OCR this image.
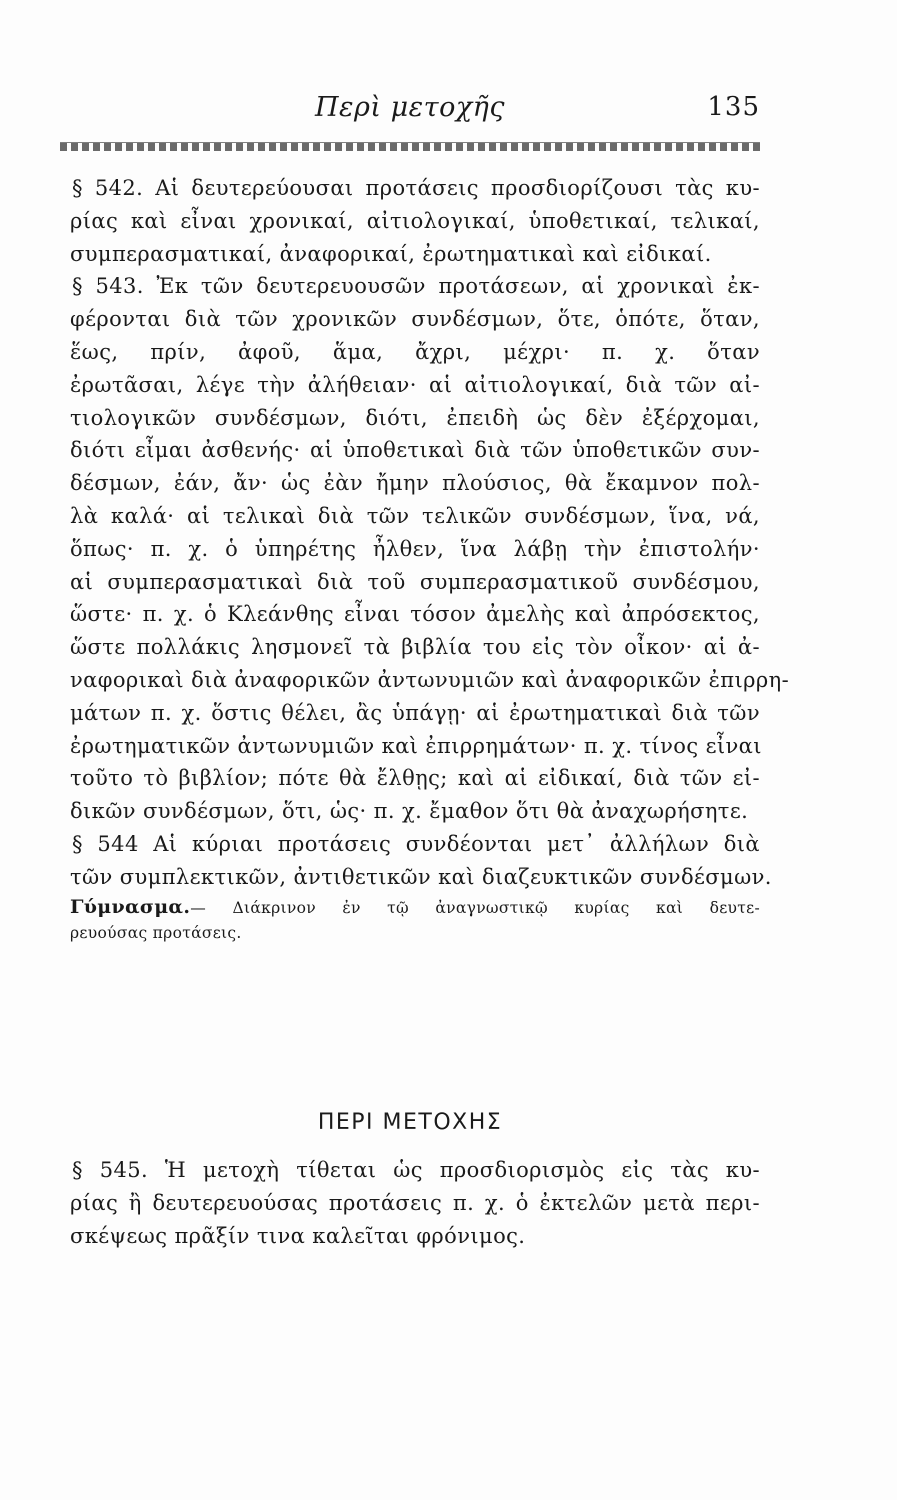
Περὶ μετοχῆς	135
§ 542. Αἱ δευτερεύουσαι προτάσεις προσδιορίζουσι τὰς κυ-
ρίας καὶ εἶναι χρονικαί, αἰτιολογικαί, ὑποθετικαί, τελικαί,
συμπερασματικαί, ἀναφορικαί, ἐρωτηματικαὶ καὶ εἰδικαί.
§ 543. Ἐκ τῶν δευτερευουσῶν προτάσεων, αἱ χρονικαὶ ἐκ-
φέρονται διὰ τῶν χρονικῶν συνδέσμων, ὅτε, ὁπότε, ὅταν,
ἕως, πρίν, ἀφοῦ, ἅμα, ἄχρι, μέχρι· π. χ. ὅταν
ἐρωτᾶσαι, λέγε τὴν ἀλήθειαν· αἱ αἰτιολογικαί, διὰ τῶν αἰ-
τιολογικῶν συνδέσμων, διότι, ἐπειδὴ ὡς δὲν ἐξέρχομαι,
διότι εἶμαι ἀσθενής· αἱ ὑποθετικαὶ διὰ τῶν ὑποθετικῶν συν-
δέσμων, ἐάν, ἄν· ὡς ἐὰν ἤμην πλούσιος, θὰ ἔκαμνον πολ-
λὰ καλά· αἱ τελικαὶ διὰ τῶν τελικῶν συνδέσμων, ἵνα, νά,
ὅπως· π. χ. ὁ ὑπηρέτης ἦλθεν, ἵνα λάβῃ τὴν ἐπιστολήν·
αἱ συμπερασματικαὶ διὰ τοῦ συμπερασματικοῦ συνδέσμου,
ὥστε· π. χ. ὁ Κλεάνθης εἶναι τόσον ἀμελὴς καὶ ἀπρόσεκτος,
ὥστε πολλάκις λησμονεῖ τὰ βιβλία του εἰς τὸν οἶκον· αἱ ἀ-
ναφορικαὶ διὰ ἀναφορικῶν ἀντωνυμιῶν καὶ ἀναφορικῶν ἐπιρρη-
μάτων π. χ. ὅστις θέλει, ἂς ὑπάγῃ· αἱ ἐρωτηματικαὶ διὰ τῶν
ἐρωτηματικῶν ἀντωνυμιῶν καὶ ἐπιρρημάτων· π. χ. τίνος εἶναι
τοῦτο τὸ βιβλίον; πότε θὰ ἔλθῃς; καὶ αἱ εἰδικαί, διὰ τῶν εἰ-
δικῶν συνδέσμων, ὅτι, ὡς· π. χ. ἔμαθον ὅτι θὰ ἀναχωρήσητε.
§ 544 Αἱ κύριαι προτάσεις συνδέονται μετ᾽ ἀλλήλων διὰ
τῶν συμπλεκτικῶν, ἀντιθετικῶν καὶ διαζευκτικῶν συνδέσμων.
Γύμνασμα.— Διάκρινον ἐν τῷ ἀναγνωστικῷ κυρίας καὶ δευτε-
ρευούσας προτάσεις.
ΠΕΡΙ ΜΕΤΟΧΗΣ
§ 545. Ἡ μετοχὴ τίθεται ὡς προσδιορισμὸς εἰς τὰς κυ-
ρίας ἢ δευτερευούσας προτάσεις π. χ. ὁ ἐκτελῶν μετὰ περι-
σκέψεως πρᾶξίν τινα καλεῖται φρόνιμος.
